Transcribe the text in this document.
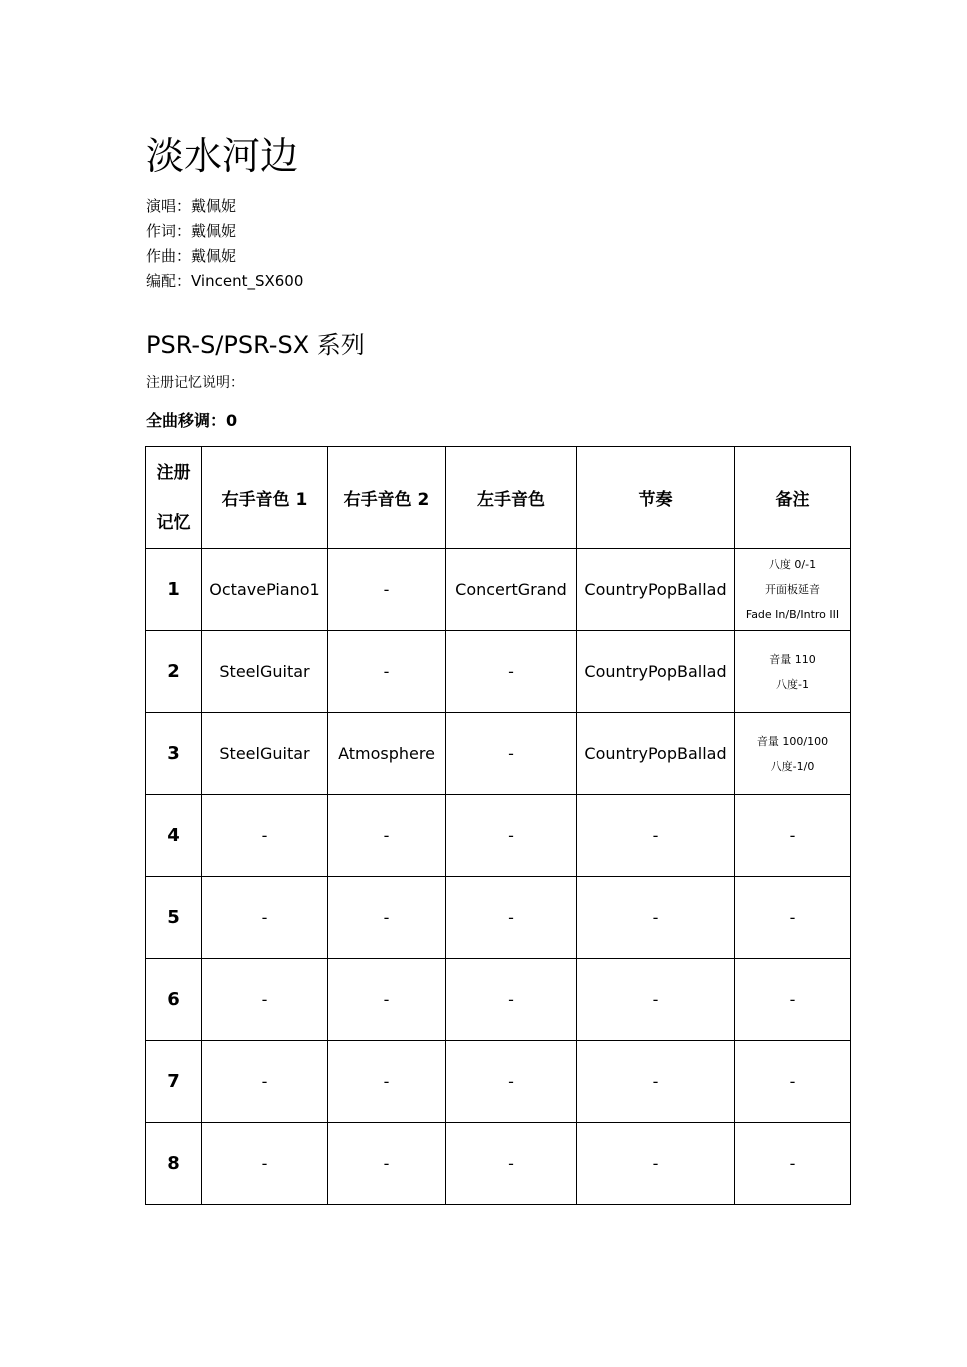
淡水河边
演唱：戴佩妮
作词：戴佩妮
作曲：戴佩妮
编配：Vincent_SX600
PSR-S/PSR-SX 系列
注册记忆说明：
全曲移调：0
注册
记忆	右手音色 1	右手音色 2	左手音色	节奏	备注
1	OctavePiano1	-	ConcertGrand	CountryPopBallad	八度 0/-1
开面板延音
Fade In/B/Intro III

2	SteelGuitar	-	-	CountryPopBallad	音量 110
八度-1

3	SteelGuitar	Atmosphere	-	CountryPopBallad	音量 100/100
八度-1/0

4	-	-	-	-	-

5	-	-	-	-	-

6	-	-	-	-	-

7	-	-	-	-	-

8	-	-	-	-	-
